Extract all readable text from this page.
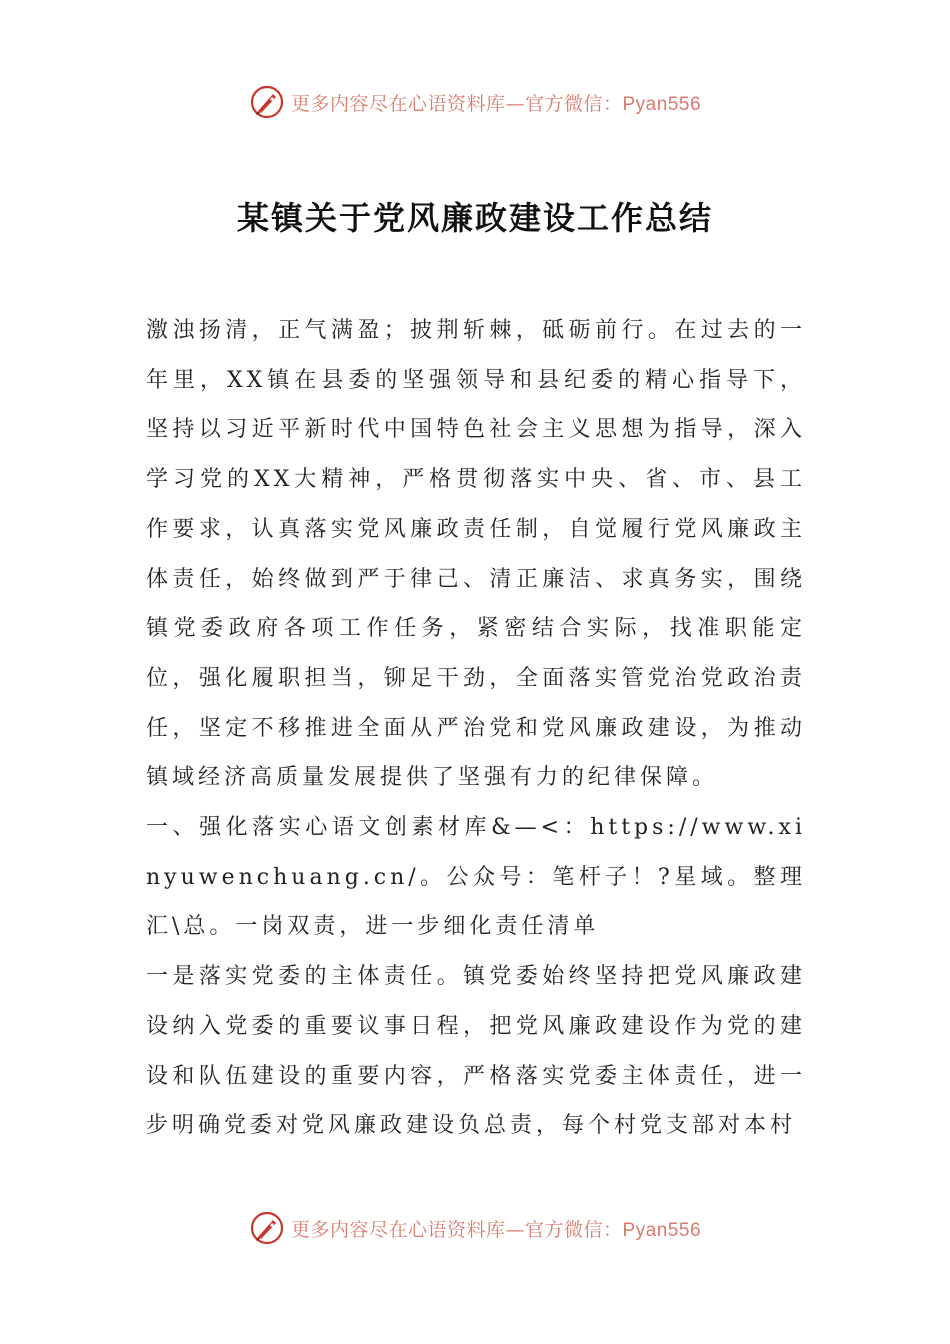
更多内容尽在心语资料库—官方微信：Pyan556
某镇关于党风廉政建设工作总结

激浊扬清，正气满盈；披荆斩棘，砥砺前行。在过去的一年里，XX镇在县委的坚强领导和县纪委的精心指导下，坚持以习近平新时代中国特色社会主义思想为指导，深入学习党的XX大精神，严格贯彻落实中央、省、市、县工作要求，认真落实党风廉政责任制，自觉履行党风廉政主体责任，始终做到严于律己、清正廉洁、求真务实，围绕镇党委政府各项工作任务，紧密结合实际，找准职能定位，强化履职担当，铆足干劲，全面落实管党治党政治责任，坚定不移推进全面从严治党和党风廉政建设，为推动镇域经济高质量发展提供了坚强有力的纪律保障。

一、强化落实心语文创素材库&—<：https://www.xinyuwenchuang.cn/。公众号：笔杆子！?星域。整理汇\总。一岗双责，进一步细化责任清单

一是落实党委的主体责任。镇党委始终坚持把党风廉政建设纳入党委的重要议事日程，把党风廉政建设作为党的建设和队伍建设的重要内容，严格落实党委主体责任，进一步明确党委对党风廉政建设负总责，每个村党支部对本村

更多内容尽在心语资料库—官方微信：Pyan556
